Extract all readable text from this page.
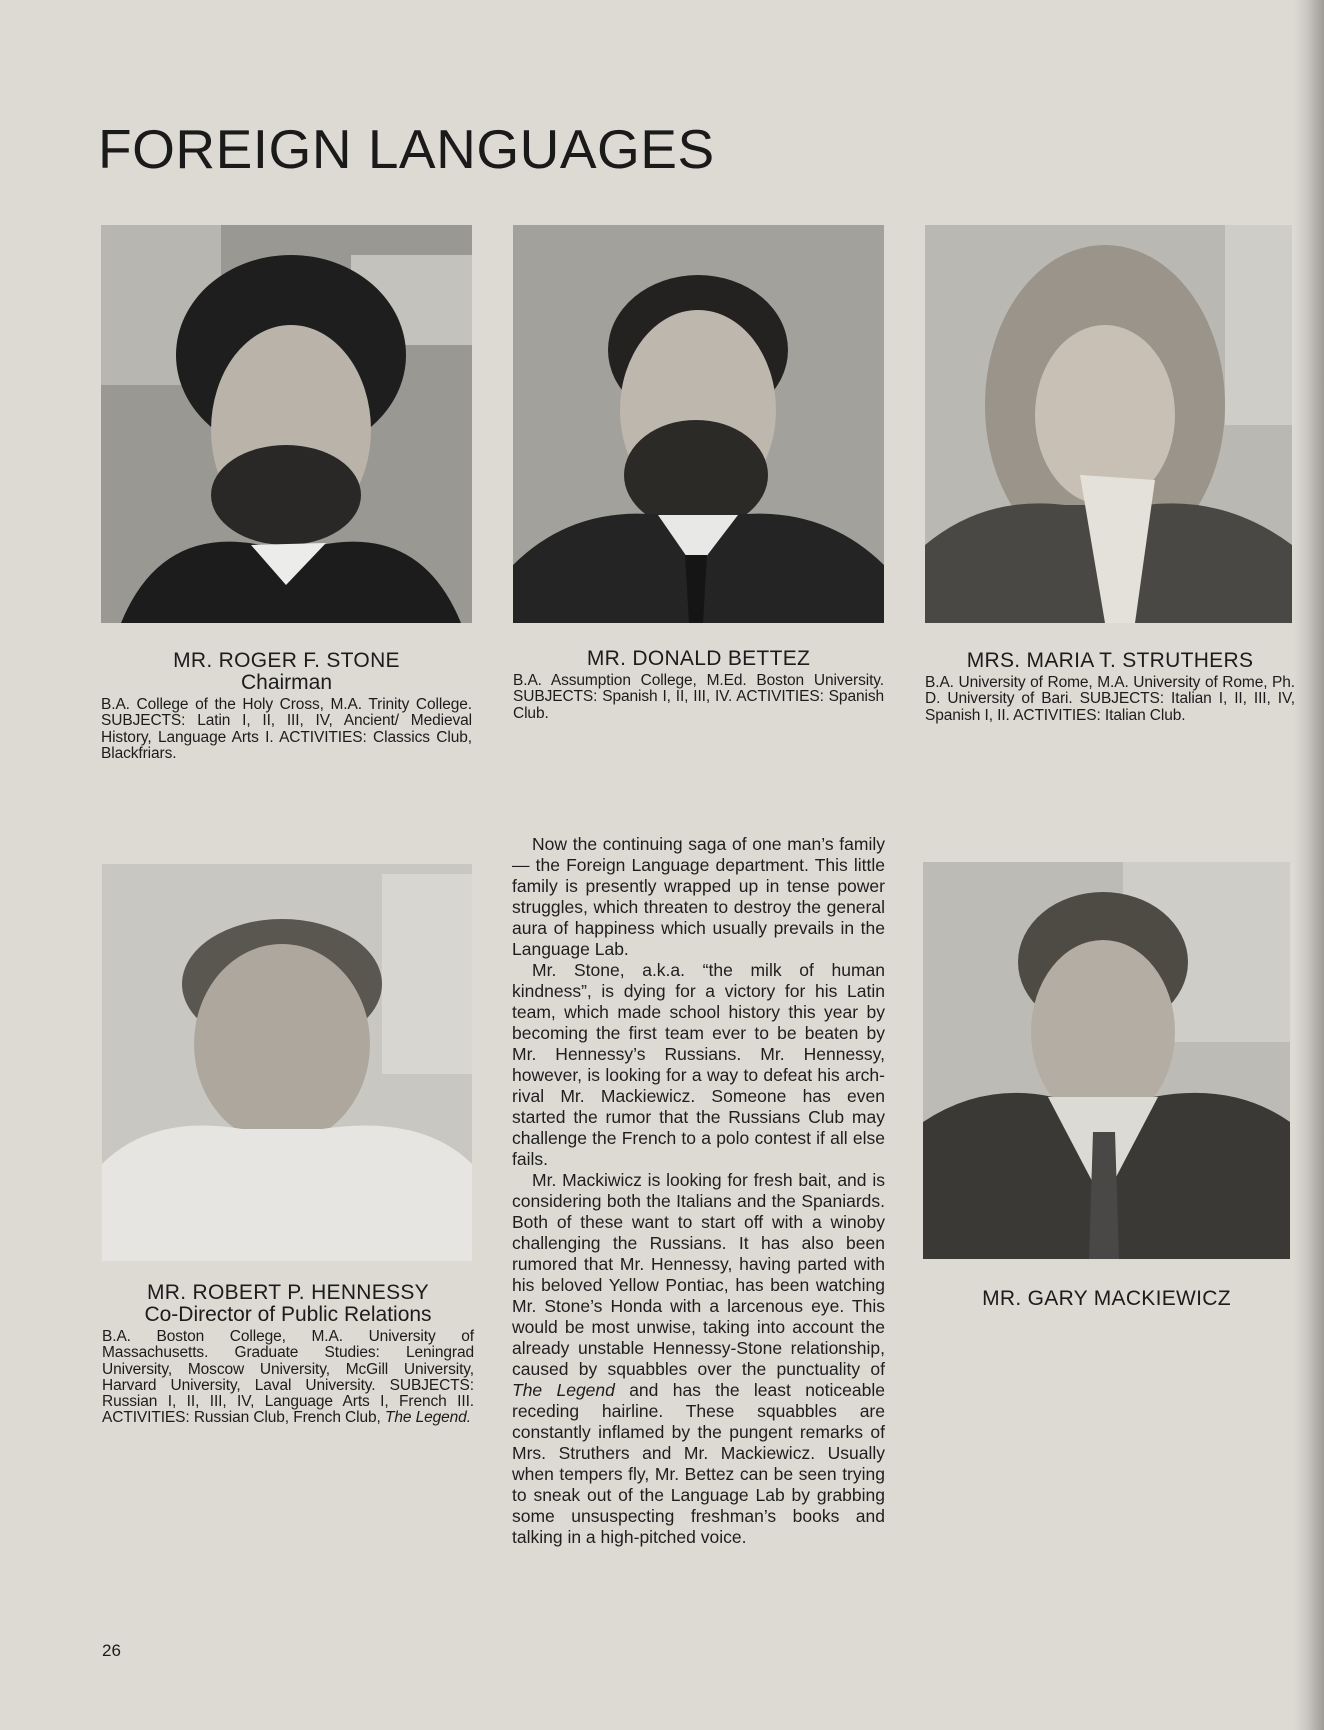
FOREIGN LANGUAGES
MR. ROGER F. STONE

Chairman

B.A. College of the Holy Cross, M.A. Trinity College. SUBJECTS: Latin I, II, III, IV, Ancient/ Medieval History, Language Arts I. ACTIVITIES: Classics Club, Blackfriars.

MR. DONALD BETTEZ

B.A. Assumption College, M.Ed. Boston University. SUBJECTS: Spanish I, II, III, IV. ACTIVITIES: Spanish Club.

MRS. MARIA T. STRUTHERS

B.A. University of Rome, M.A. University of Rome, Ph. D. University of Bari. SUBJECTS: Italian I, II, III, IV, Spanish I, II. ACTIVITIES: Italian Club.

MR. ROBERT P. HENNESSY

Co-Director of Public Relations

B.A. Boston College, M.A. University of Massachusetts. Graduate Studies: Leningrad University, Moscow University, McGill University, Harvard University, Laval University. SUBJECTS: Russian I, II, III, IV, Language Arts I, French III. ACTIVITIES: Russian Club, French Club, The Legend.

MR. GARY MACKIEWICZ

Now the continuing saga of one man’s family — the Foreign Language department. This little family is presently wrapped up in tense power struggles, which threaten to destroy the general aura of happiness which usually prevails in the Language Lab.

Mr. Stone, a.k.a. “the milk of human kindness”, is dying for a victory for his Latin team, which made school history this year by becoming the first team ever to be beaten by Mr. Hennessy’s Russians. Mr. Hennessy, however, is looking for a way to defeat his arch-rival Mr. Mackiewicz. Someone has even started the rumor that the Russians Club may challenge the French to a polo contest if all else fails.

Mr. Mackiwicz is looking for fresh bait, and is considering both the Italians and the Spaniards. Both of these want to start off with a winoby challenging the Russians. It has also been rumored that Mr. Hennessy, having parted with his beloved Yellow Pontiac, has been watching Mr. Stone’s Honda with a larcenous eye. This would be most unwise, taking into account the already unstable Hennessy-Stone relationship, caused by squabbles over the punctuality of The Legend and has the least noticeable receding hairline. These squabbles are constantly inflamed by the pungent remarks of Mrs. Struthers and Mr. Mackiewicz. Usually when tempers fly, Mr. Bettez can be seen trying to sneak out of the Language Lab by grabbing some unsuspecting freshman’s books and talking in a high-pitched voice.

26
